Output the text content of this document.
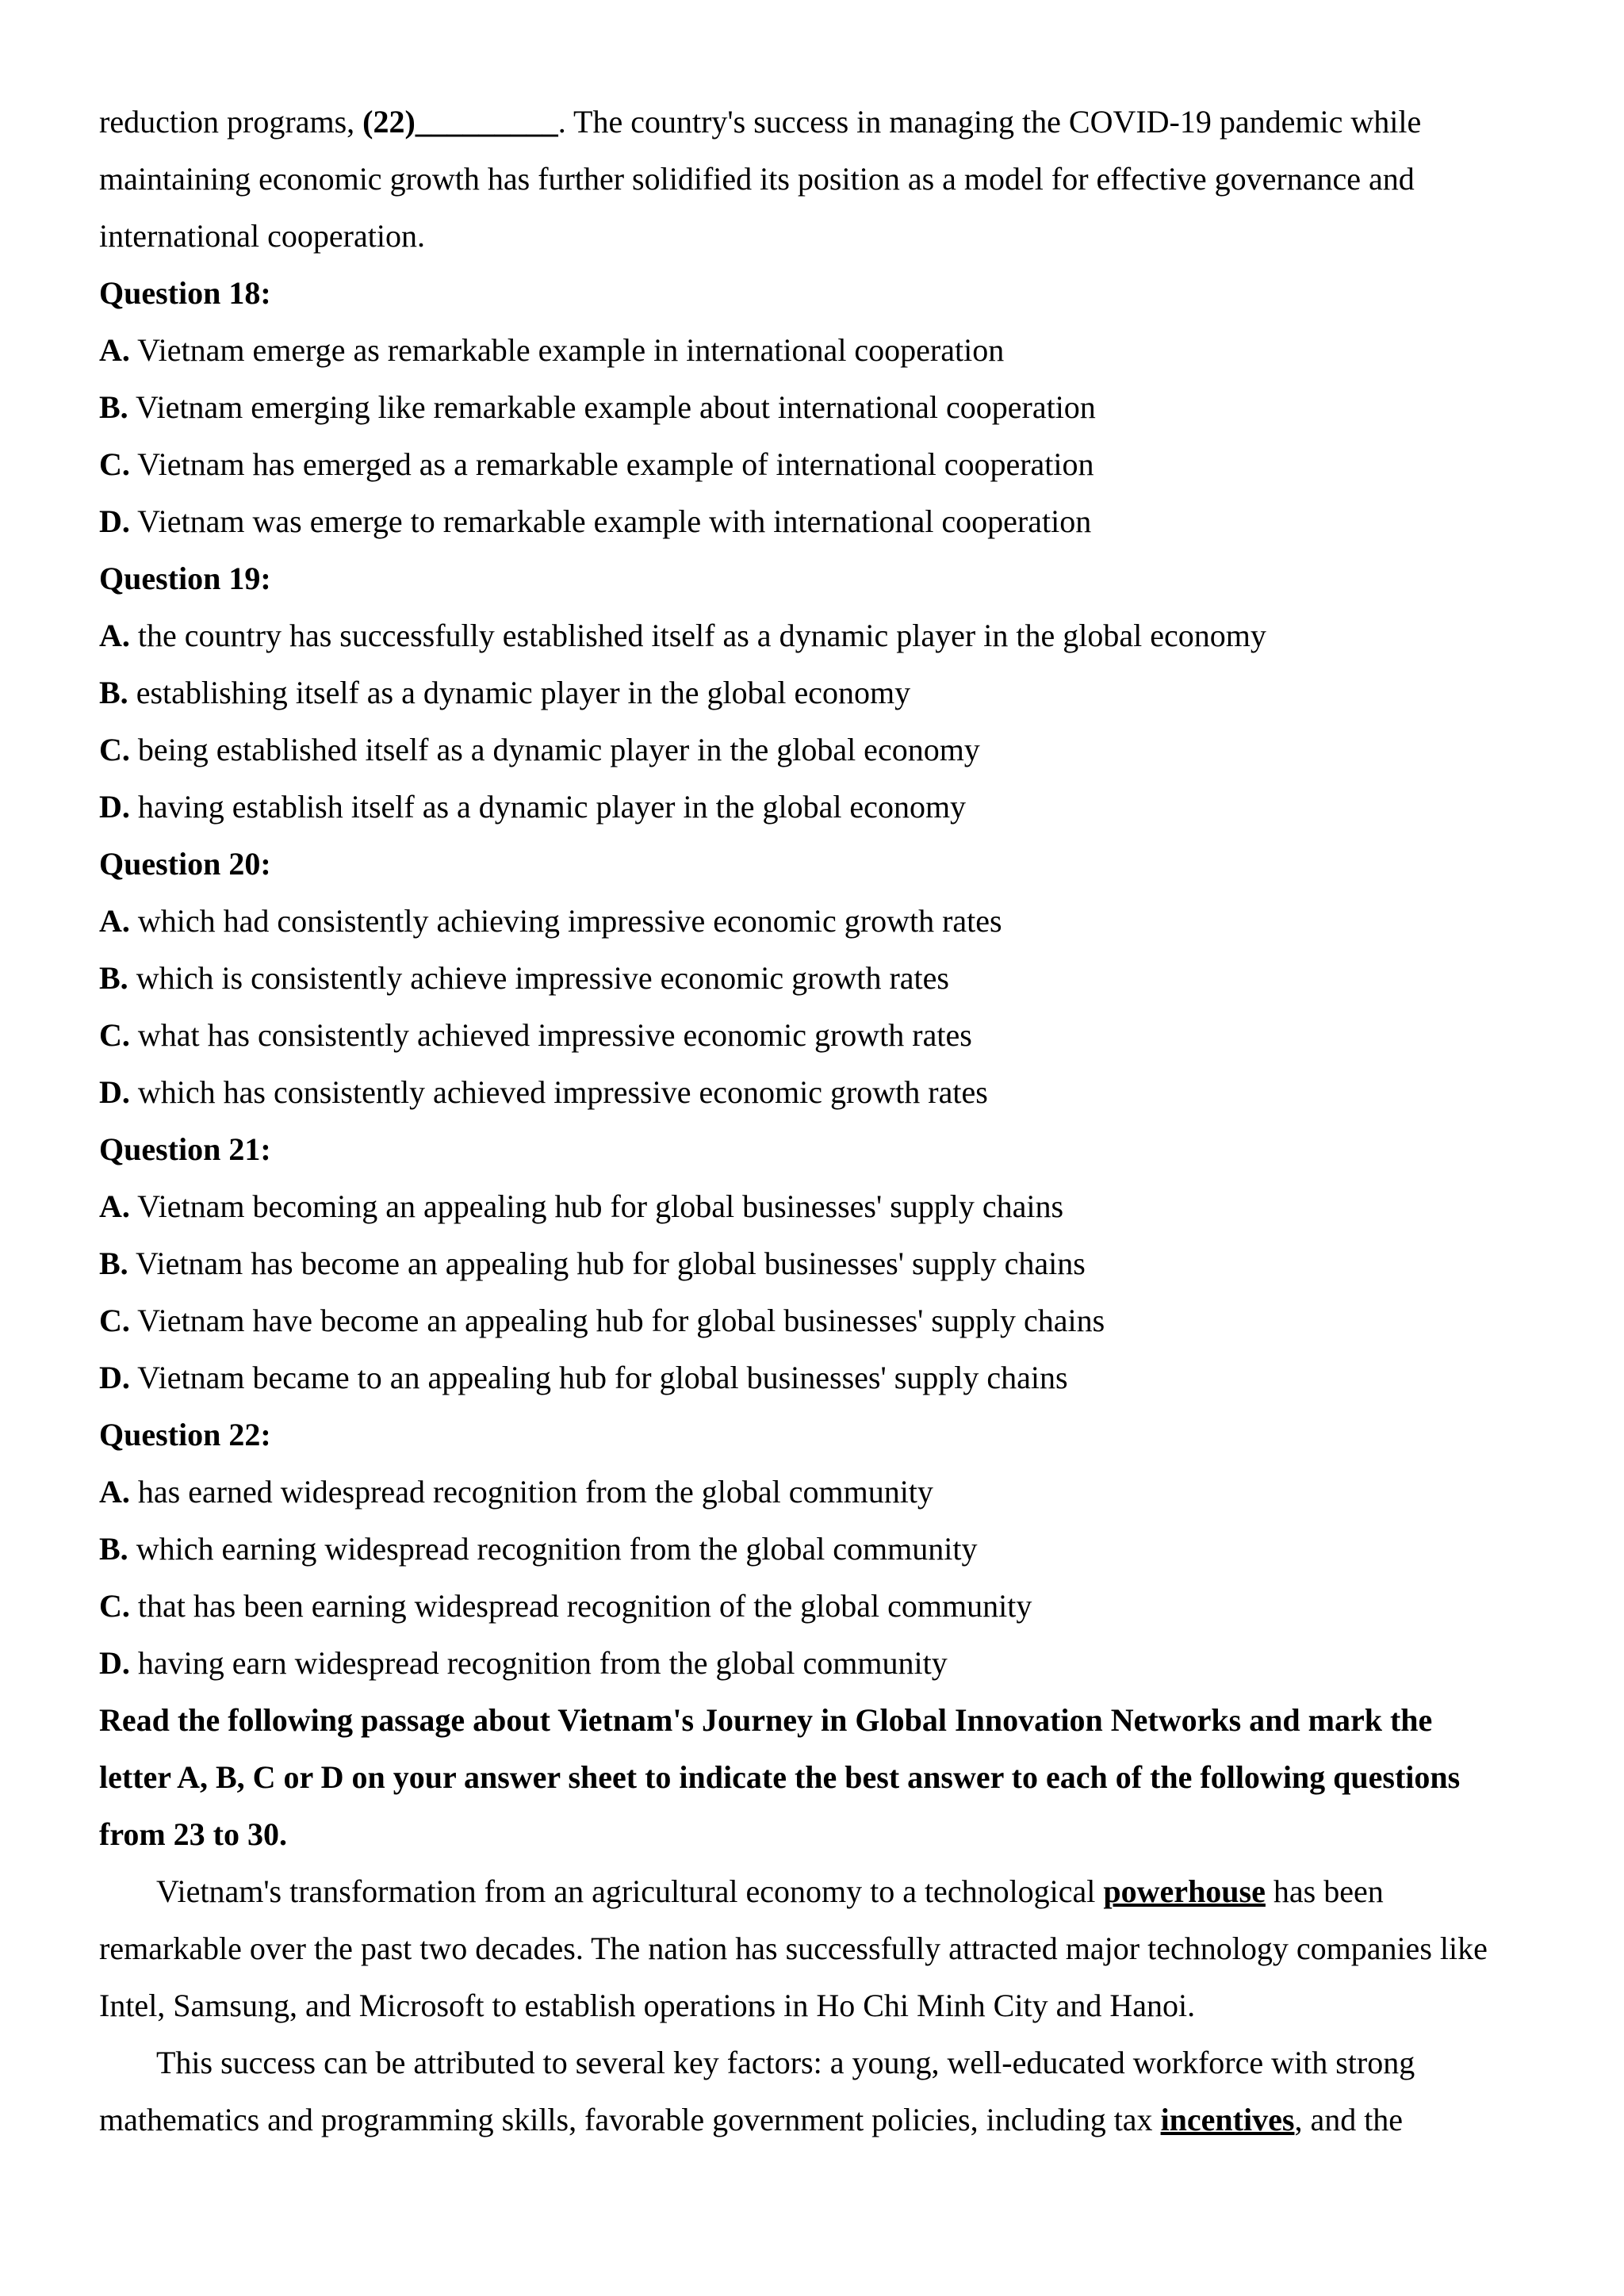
reduction programs, (22)_________. The country's success in managing the COVID-19 pandemic while

maintaining economic growth has further solidified its position as a model for effective governance and

international cooperation.

Question 18:

A. Vietnam emerge as remarkable example in international cooperation

B. Vietnam emerging like remarkable example about international cooperation

C. Vietnam has emerged as a remarkable example of international cooperation

D. Vietnam was emerge to remarkable example with international cooperation

Question 19:

A. the country has successfully established itself as a dynamic player in the global economy

B. establishing itself as a dynamic player in the global economy

C. being established itself as a dynamic player in the global economy

D. having establish itself as a dynamic player in the global economy

Question 20:

A. which had consistently achieving impressive economic growth rates

B. which is consistently achieve impressive economic growth rates

C. what has consistently achieved impressive economic growth rates

D. which has consistently achieved impressive economic growth rates

Question 21:

A. Vietnam becoming an appealing hub for global businesses' supply chains

B. Vietnam has become an appealing hub for global businesses' supply chains

C. Vietnam have become an appealing hub for global businesses' supply chains

D. Vietnam became to an appealing hub for global businesses' supply chains

Question 22:

A. has earned widespread recognition from the global community

B. which earning widespread recognition from the global community

C. that has been earning widespread recognition of the global community

D. having earn widespread recognition from the global community

Read the following passage about Vietnam's Journey in Global Innovation Networks and mark the

letter A, B, C or D on your answer sheet to indicate the best answer to each of the following questions

from 23 to 30.

Vietnam's transformation from an agricultural economy to a technological powerhouse has been

remarkable over the past two decades. The nation has successfully attracted major technology companies like

Intel, Samsung, and Microsoft to establish operations in Ho Chi Minh City and Hanoi.

This success can be attributed to several key factors: a young, well-educated workforce with strong

mathematics and programming skills, favorable government policies, including tax incentives, and the
